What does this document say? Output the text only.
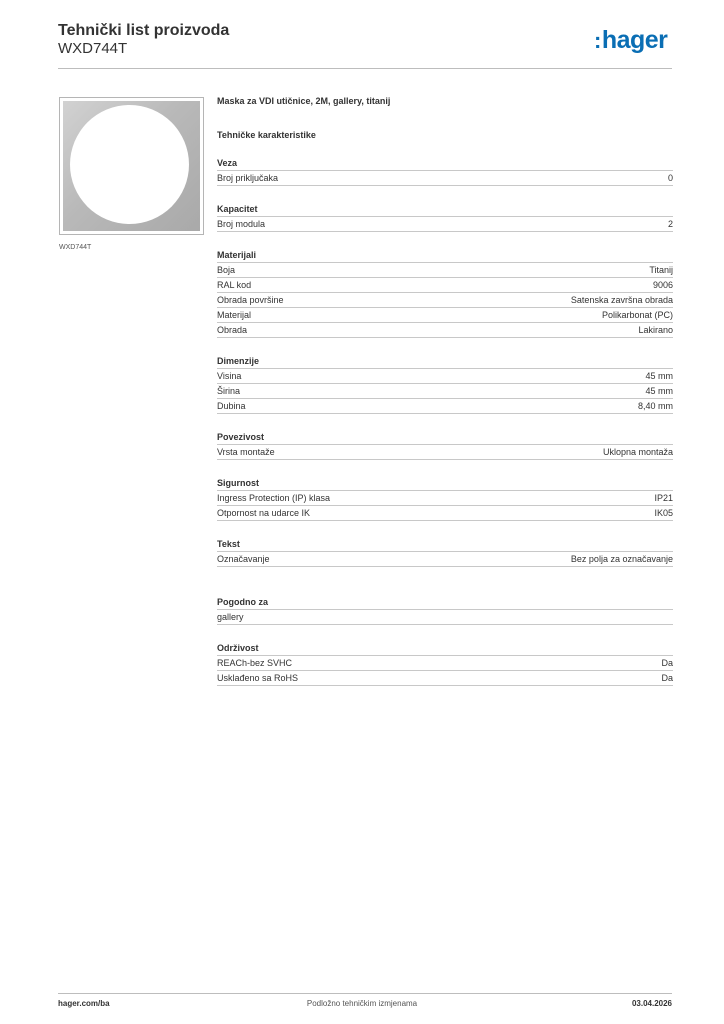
Tehnički list proizvoda
WXD744T	:hager
WXD744T
Maska za VDI utičnice, 2M, gallery, titanij
Tehničke karakteristike
Veza
Broj priključaka	0
Kapacitet
Broj modula	2
Materijali
Boja	Titanij
RAL kod	9006
Obrada površine	Satenska završna obrada
Materijal	Polikarbonat (PC)
Obrada	Lakirano
Dimenzije
Visina	45 mm
Širina	45 mm
Dubina	8,40 mm
Povezivost
Vrsta montaže	Uklopna montaža
Sigurnost
Ingress Protection (IP) klasa	IP21
Otpornost na udarce IK	IK05
Tekst
Označavanje	Bez polja za označavanje
Pogodno za
gallery
Održivost
REACh-bez SVHC	Da
Usklađeno sa RoHS	Da
hager.com/ba	Podložno tehničkim izmjenama	03.04.2026
